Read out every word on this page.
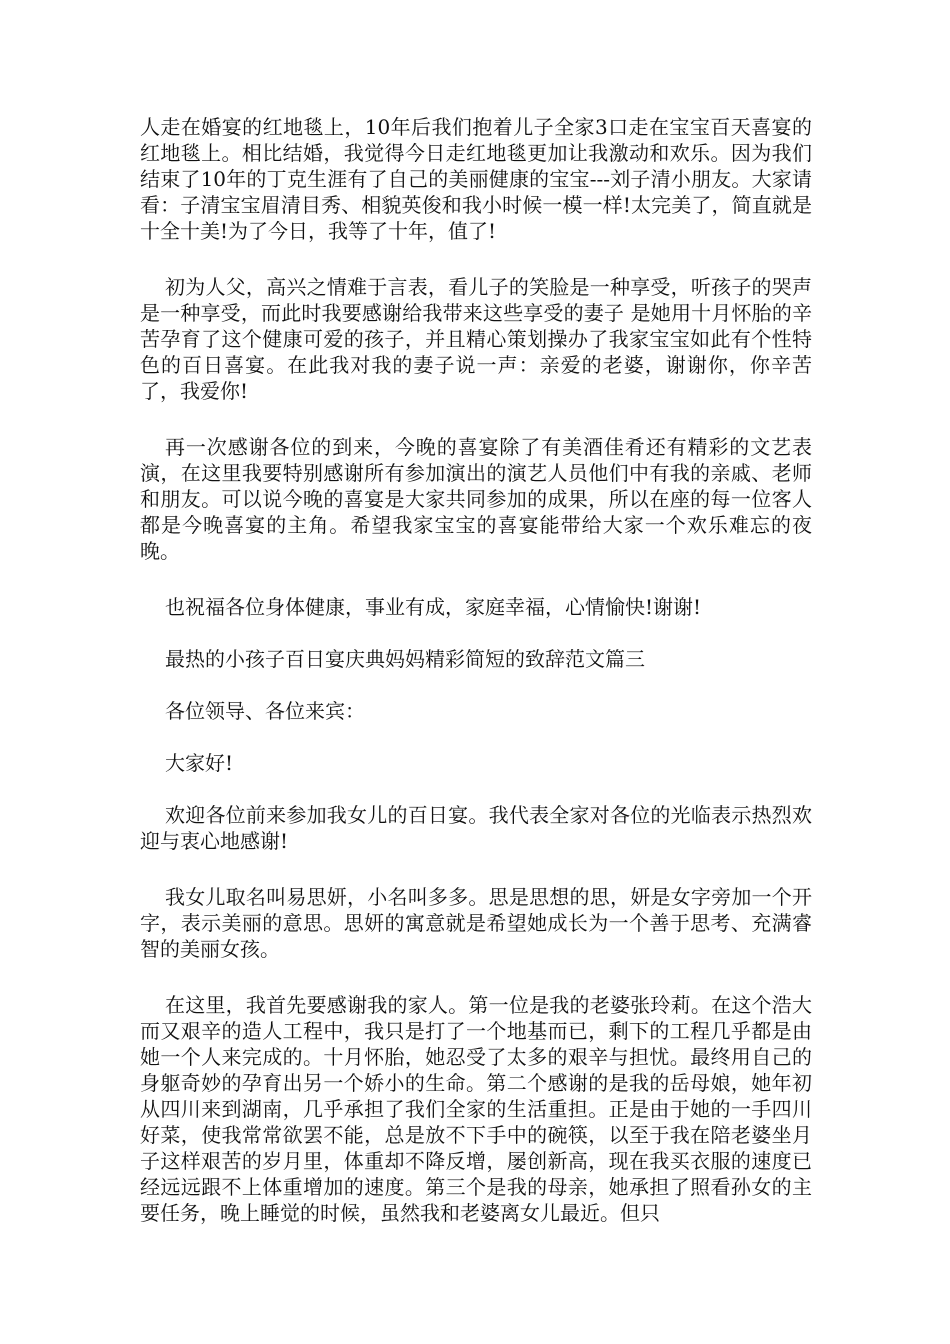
人走在婚宴的红地毯上，10年后我们抱着儿子全家3口走在宝宝百天喜宴的红地毯上。相比结婚，我觉得今日走红地毯更加让我激动和欢乐。因为我们结束了10年的丁克生涯有了自己的美丽健康的宝宝---刘子清小朋友。大家请看：子清宝宝眉清目秀、相貌英俊和我小时候一模一样!太完美了，简直就是十全十美!为了今日，我等了十年，值了!

初为人父，高兴之情难于言表，看儿子的笑脸是一种享受，听孩子的哭声是一种享受，而此时我要感谢给我带来这些享受的妻子 是她用十月怀胎的辛苦孕育了这个健康可爱的孩子，并且精心策划操办了我家宝宝如此有个性特色的百日喜宴。在此我对我的妻子说一声：亲爱的老婆，谢谢你，你辛苦了，我爱你!

再一次感谢各位的到来，今晚的喜宴除了有美酒佳肴还有精彩的文艺表演，在这里我要特别感谢所有参加演出的演艺人员他们中有我的亲戚、老师和朋友。可以说今晚的喜宴是大家共同参加的成果，所以在座的每一位客人都是今晚喜宴的主角。希望我家宝宝的喜宴能带给大家一个欢乐难忘的夜晚。

也祝福各位身体健康，事业有成，家庭幸福，心情愉快!谢谢!

最热的小孩子百日宴庆典妈妈精彩简短的致辞范文篇三

各位领导、各位来宾：

大家好!

欢迎各位前来参加我女儿的百日宴。我代表全家对各位的光临表示热烈欢迎与衷心地感谢!

我女儿取名叫易思妍，小名叫多多。思是思想的思，妍是女字旁加一个开字，表示美丽的意思。思妍的寓意就是希望她成长为一个善于思考、充满睿智的美丽女孩。

在这里，我首先要感谢我的家人。第一位是我的老婆张玲莉。在这个浩大而又艰辛的造人工程中，我只是打了一个地基而已，剩下的工程几乎都是由她一个人来完成的。十月怀胎，她忍受了太多的艰辛与担忧。最终用自己的身躯奇妙的孕育出另一个娇小的生命。第二个感谢的是我的岳母娘，她年初从四川来到湖南，几乎承担了我们全家的生活重担。正是由于她的一手四川好菜，使我常常欲罢不能，总是放不下手中的碗筷，以至于我在陪老婆坐月子这样艰苦的岁月里，体重却不降反增，屡创新高，现在我买衣服的速度已经远远跟不上体重增加的速度。第三个是我的母亲，她承担了照看孙女的主要任务，晚上睡觉的时候，虽然我和老婆离女儿最近。但只
